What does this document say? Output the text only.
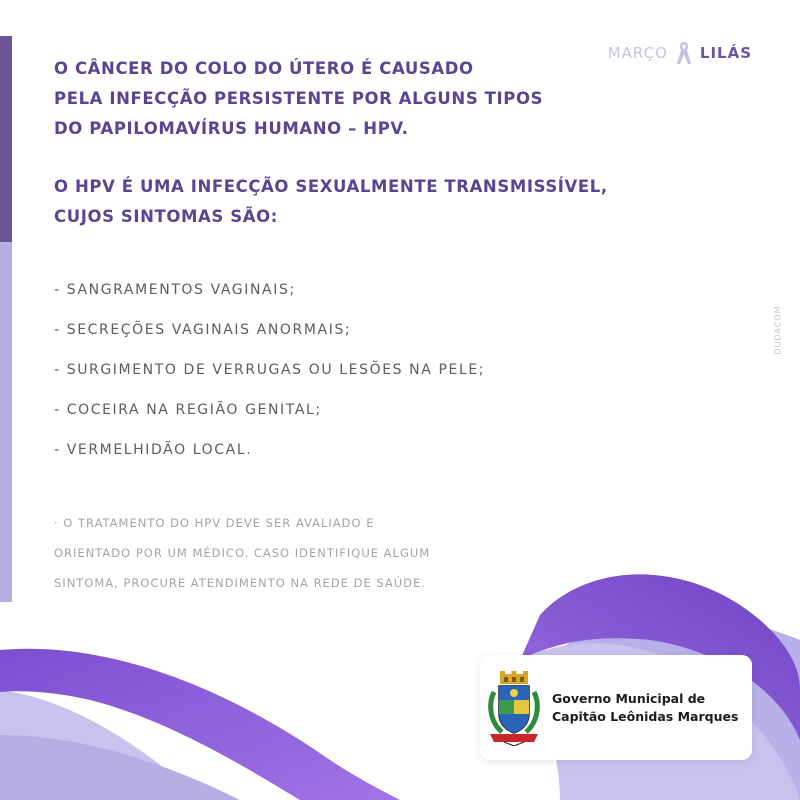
MARÇO LILÁS
O CÂNCER DO COLO DO ÚTERO É CAUSADO
PELA INFECÇÃO PERSISTENTE POR ALGUNS TIPOS
DO PAPILOMAVÍRUS HUMANO – HPV.
O HPV É UMA INFECÇÃO SEXUALMENTE TRANSMISSÍVEL,
CUJOS SINTOMAS SÃO:
- SANGRAMENTOS VAGINAIS;
- SECREÇÕES VAGINAIS ANORMAIS;
- SURGIMENTO DE VERRUGAS OU LESÕES NA PELE;
- COCEIRA NA REGIÃO GENITAL;
- VERMELHIDÃO LOCAL.
· O TRATAMENTO DO HPV DEVE SER AVALIADO E
ORIENTADO POR UM MÉDICO. CASO IDENTIFIQUE ALGUM
SINTOMA, PROCURE ATENDIMENTO NA REDE DE SAÚDE.
DUDACOM
Governo Municipal de
Capitão Leônidas Marques
